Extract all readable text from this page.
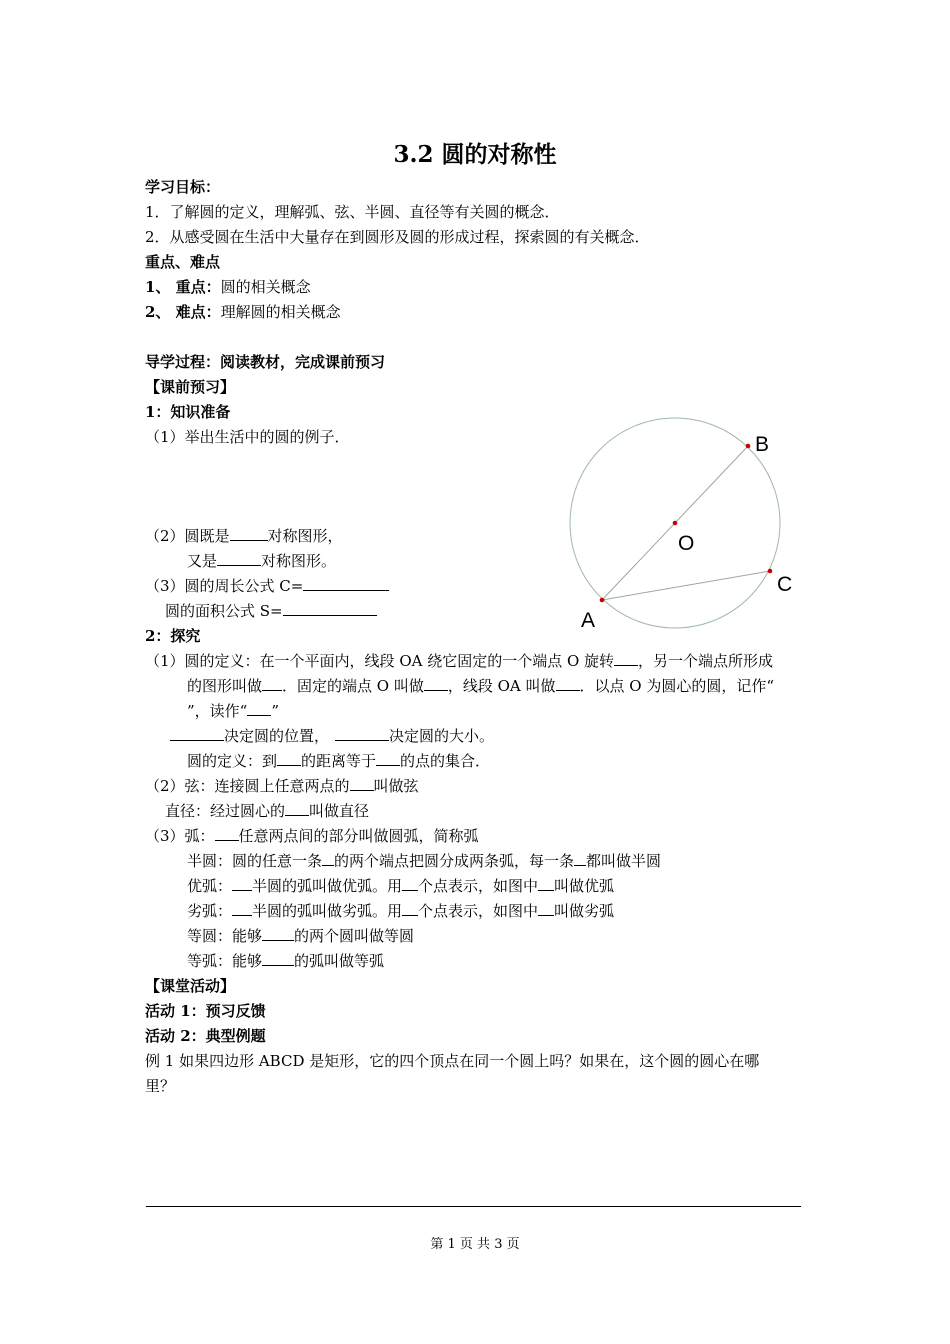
3.2 圆的对称性
学习目标：
1．了解圆的定义，理解弧、弦、半圆、直径等有关圆的概念．
2．从感受圆在生活中大量存在到圆形及圆的形成过程，探索圆的有关概念．
重点、难点
1、 重点：圆的相关概念
2、 难点：理解圆的相关概念
导学过程：阅读教材，完成课前预习
【课前预习】
1：知识准备
（1）举出生活中的圆的例子．
（2）圆既是	对称图形，
又是	对称图形。
（3）圆的周长公式 C=
圆的面积公式 S=
2：探究
（1）圆的定义：在一个平面内，线段 OA 绕它固定的一个端点 O 旋转 ，另一个端点所形成
的图形叫做 ．固定的端点 O 叫做 ，线段 OA 叫做 ．以点 O 为圆心的圆，记作“
”，读作“ ”
决定圆的位置，	决定圆的大小。
圆的定义：到 的距离等于 的点的集合．
（2）弦：连接圆上任意两点的 叫做弦
直径：经过圆心的 叫做直径
（3）弧： 任意两点间的部分叫做圆弧，简称弧
半圆：圆的任意一条 的两个端点把圆分成两条弧，每一条 都叫做半圆
优弧： 半圆的弧叫做优弧。用 个点表示，如图中 叫做优弧
劣弧： 半圆的弧叫做劣弧。用 个点表示，如图中 叫做劣弧
等圆：能够 的两个圆叫做等圆
等弧：能够 的弧叫做等弧
【课堂活动】
活动 1：预习反馈
活动 2：典型例题
例 1 如果四边形 ABCD 是矩形，它的四个顶点在同一个圆上吗？如果在，这个圆的圆心在哪
里？
B
O
C
A
第 1 页 共 3 页
